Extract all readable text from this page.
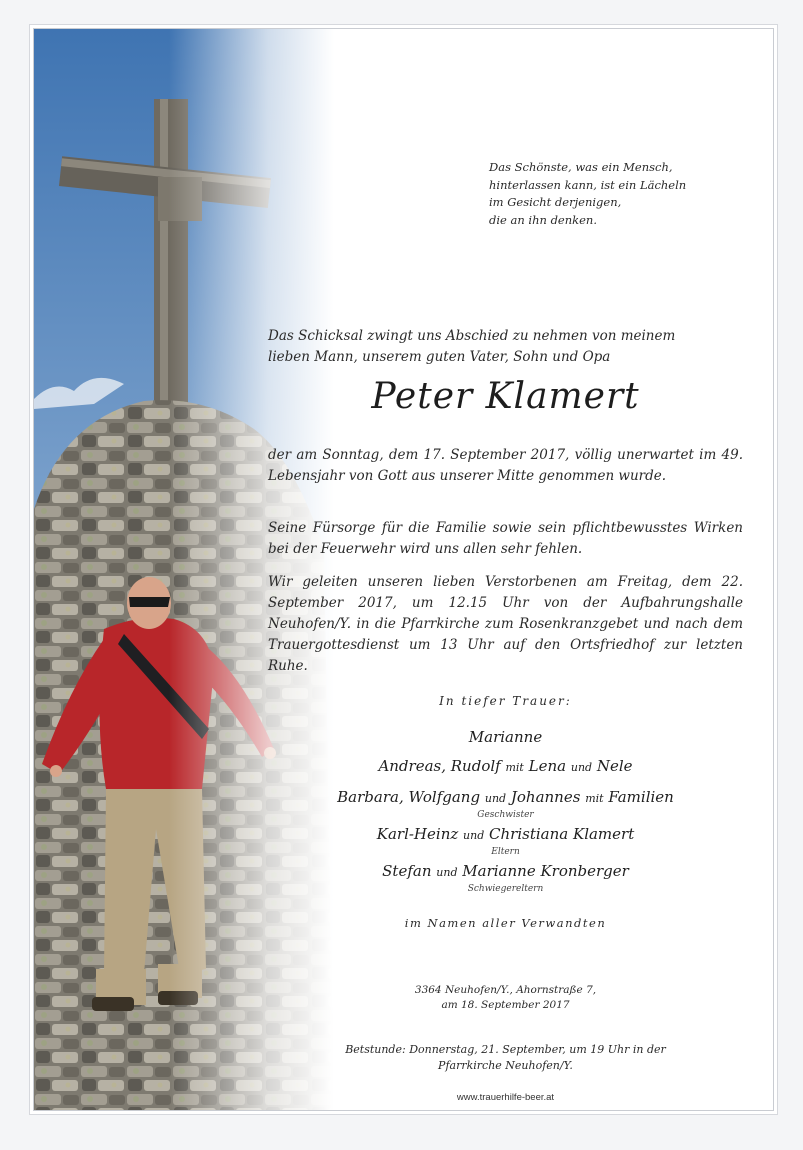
Das Schönste, was ein Mensch,
hinterlassen kann, ist ein Lächeln
im Gesicht derjenigen,
die an ihn denken.
Das Schicksal zwingt uns Abschied zu nehmen von meinem
lieben Mann, unserem guten Vater, Sohn und Opa
Peter Klamert
der am Sonntag, dem 17. September 2017, völlig unerwartet im 49. Lebensjahr von Gott aus unserer Mitte genommen wurde.
Seine Fürsorge für die Familie sowie sein pflichtbewusstes Wirken bei der Feuerwehr wird uns allen sehr fehlen.
Wir geleiten unseren lieben Verstorbenen am Freitag, dem 22. September 2017, um 12.15 Uhr von der Aufbahrungshalle Neuhofen/Y. in die Pfarrkirche zum Rosenkranzgebet und nach dem Trauergottesdienst um 13 Uhr auf den Ortsfriedhof zur letzten Ruhe.
In tiefer Trauer:
Marianne
Andreas, Rudolf mit Lena und Nele
Barbara, Wolfgang und Johannes mit Familien
Geschwister
Karl-Heinz und Christiana Klamert
Eltern
Stefan und Marianne Kronberger
Schwiegereltern
im Namen aller Verwandten
3364 Neuhofen/Y., Ahornstraße 7,
am 18. September 2017
Betstunde: Donnerstag, 21. September, um 19 Uhr in der
Pfarrkirche Neuhofen/Y.
www.trauerhilfe-beer.at
